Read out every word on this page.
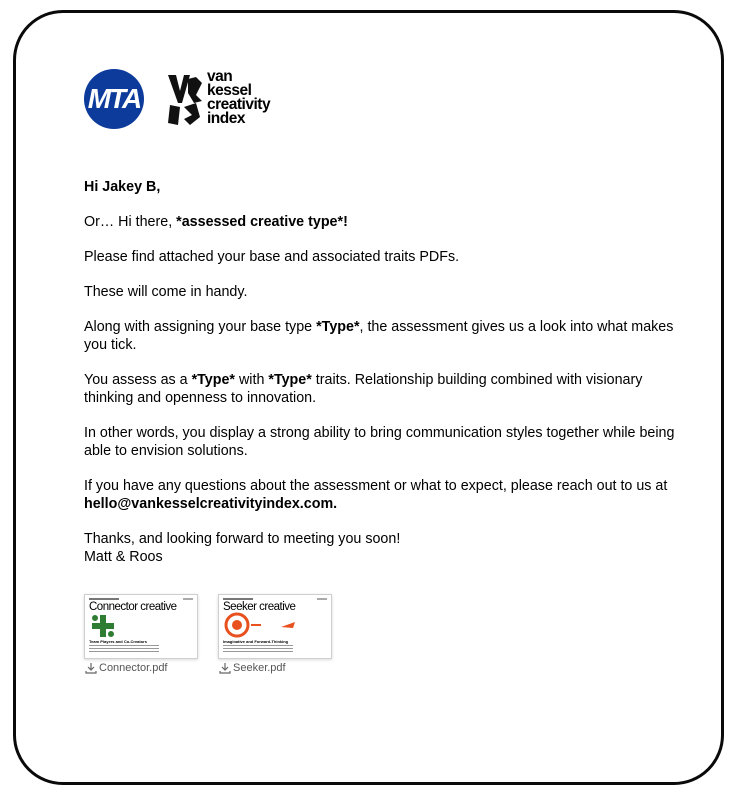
MTA
van
kessel
creativity
index

Hi Jakey B,

Or… Hi there, *assessed creative type*!

Please find attached your base and associated traits PDFs.

These will come in handy.

Along with assigning your base type *Type*, the assessment gives us a look into what makes you tick.

You assess as a *Type* with *Type* traits. Relationship building combined with visionary thinking and openness to innovation.

In other words, you display a strong ability to bring communication styles together while being able to envision solutions.

If you have any questions about the assessment or what to expect, please reach out to us at
hello@vankesselcreativityindex.com.

Thanks, and looking forward to meeting you soon!

Matt & Roos

Connector creative
Team Players and Co-Creators
Connector.pdf
Seeker creative
Imaginative and Forward-Thinking
Seeker.pdf
